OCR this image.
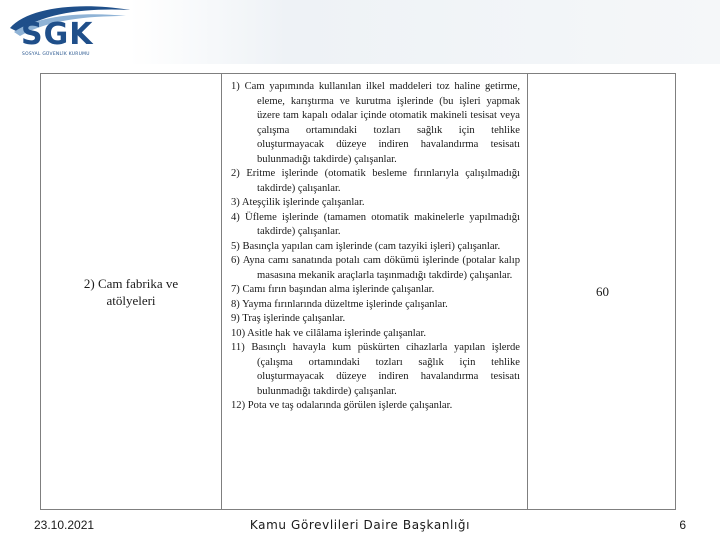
SGK
SOSYAL GÜVENLİK KURUMU
2) Cam fabrika ve atölyeleri
1) Cam yapımında kullanılan ilkel maddeleri toz haline getirme, eleme, karıştırma ve kurutma işlerinde (bu işleri yapmak üzere tam kapalı odalar içinde otomatik makineli tesisat veya çalışma ortamındaki tozları sağlık için tehlike oluşturmayacak düzeye indiren havalandırma tesisatı bulunmadığı takdirde) çalışanlar.
2) Eritme işlerinde (otomatik besleme fırınlarıyla çalışılmadığı takdirde) çalışanlar.
3) Ateşçilik işlerinde çalışanlar.
4) Üfleme işlerinde (tamamen otomatik makinelerle yapılmadığı takdirde) çalışanlar.
5) Basınçla yapılan cam işlerinde (cam tazyiki işleri) çalışanlar.
6) Ayna camı sanatında potalı cam dökümü işlerinde (potalar kalıp masasına mekanik araçlarla taşınmadığı takdirde) çalışanlar.
7) Camı fırın başından alma işlerinde çalışanlar.
8) Yayma fırınlarında düzeltme işlerinde çalışanlar.
9) Traş işlerinde çalışanlar.
10) Asitle hak ve cilâlama işlerinde çalışanlar.
11) Basınçlı havayla kum püskürten cihazlarla yapılan işlerde (çalışma ortamındaki tozları sağlık için tehlike oluşturmayacak düzeye indiren havalandırma tesisatı bulunmadığı takdirde) çalışanlar.
12) Pota ve taş odalarında görülen işlerde çalışanlar.
60
23.10.2021	Kamu Görevlileri Daire Başkanlığı	6
